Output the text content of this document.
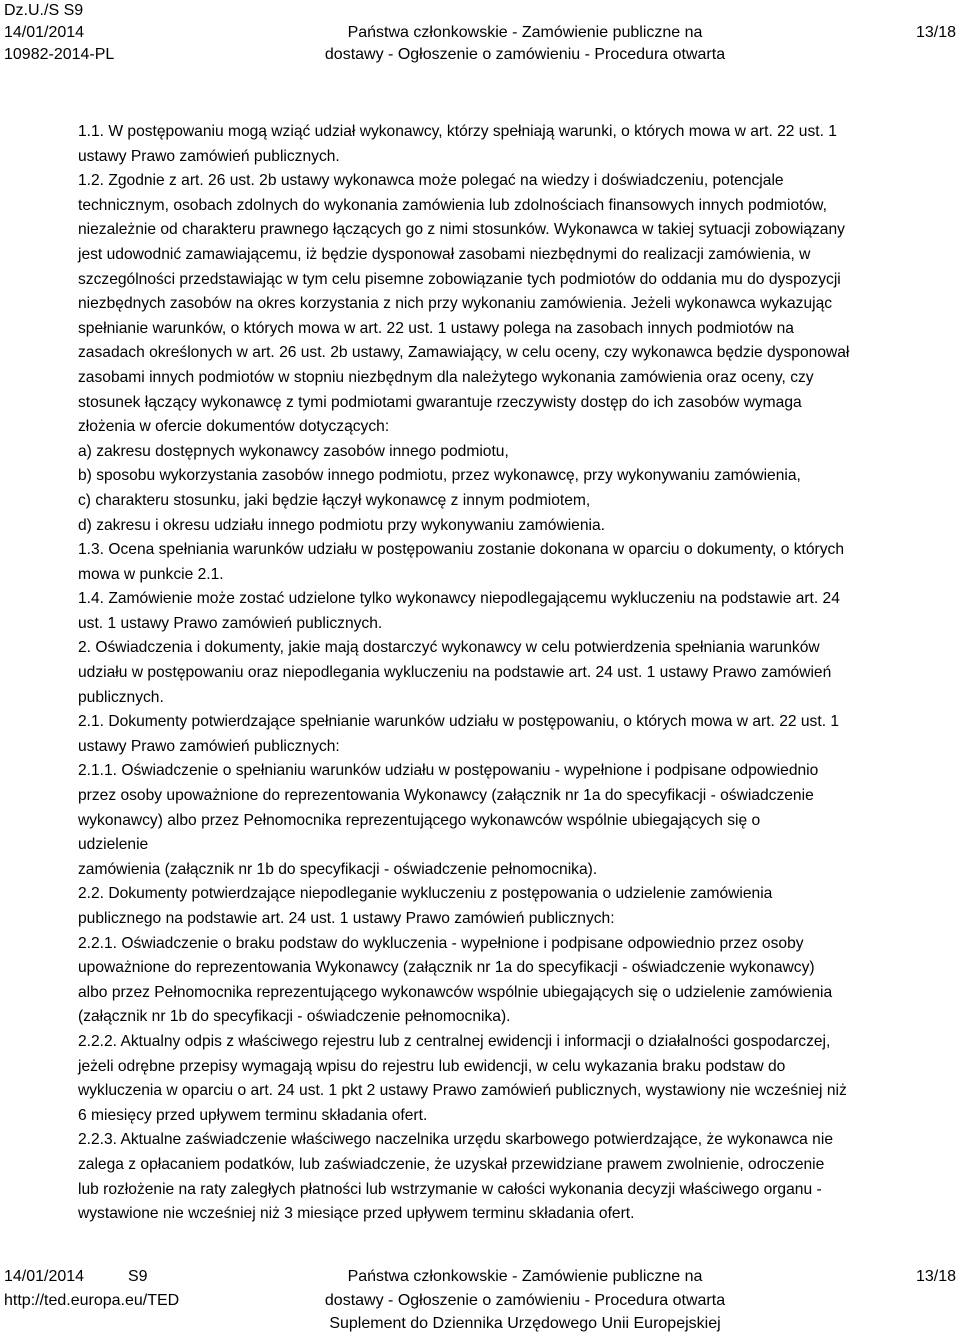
Dz.U./S S9
14/01/2014
10982-2014-PL
Państwa członkowskie - Zamówienie publiczne na
dostawy - Ogłoszenie o zamówieniu - Procedura otwarta
13/18

1.1. W postępowaniu mogą wziąć udział wykonawcy, którzy spełniają warunki, o których mowa w art. 22 ust. 1

ustawy Prawo zamówień publicznych.

1.2. Zgodnie z art. 26 ust. 2b ustawy wykonawca może polegać na wiedzy i doświadczeniu, potencjale

technicznym, osobach zdolnych do wykonania zamówienia lub zdolnościach finansowych innych podmiotów,

niezależnie od charakteru prawnego łączących go z nimi stosunków. Wykonawca w takiej sytuacji zobowiązany

jest udowodnić zamawiającemu, iż będzie dysponował zasobami niezbędnymi do realizacji zamówienia, w

szczególności przedstawiając w tym celu pisemne zobowiązanie tych podmiotów do oddania mu do dyspozycji

niezbędnych zasobów na okres korzystania z nich przy wykonaniu zamówienia. Jeżeli wykonawca wykazując

spełnianie warunków, o których mowa w art. 22 ust. 1 ustawy polega na zasobach innych podmiotów na

zasadach określonych w art. 26 ust. 2b ustawy, Zamawiający, w celu oceny, czy wykonawca będzie dysponował

zasobami innych podmiotów w stopniu niezbędnym dla należytego wykonania zamówienia oraz oceny, czy

stosunek łączący wykonawcę z tymi podmiotami gwarantuje rzeczywisty dostęp do ich zasobów wymaga

złożenia w ofercie dokumentów dotyczących:

a) zakresu dostępnych wykonawcy zasobów innego podmiotu,

b) sposobu wykorzystania zasobów innego podmiotu, przez wykonawcę, przy wykonywaniu zamówienia,

c) charakteru stosunku, jaki będzie łączył wykonawcę z innym podmiotem,

d) zakresu i okresu udziału innego podmiotu przy wykonywaniu zamówienia.

1.3. Ocena spełniania warunków udziału w postępowaniu zostanie dokonana w oparciu o dokumenty, o których

mowa w punkcie 2.1.

1.4. Zamówienie może zostać udzielone tylko wykonawcy niepodlegającemu wykluczeniu na podstawie art. 24

ust. 1 ustawy Prawo zamówień publicznych.

2. Oświadczenia i dokumenty, jakie mają dostarczyć wykonawcy w celu potwierdzenia spełniania warunków

udziału w postępowaniu oraz niepodlegania wykluczeniu na podstawie art. 24 ust. 1 ustawy Prawo zamówień

publicznych.

2.1. Dokumenty potwierdzające spełnianie warunków udziału w postępowaniu, o których mowa w art. 22 ust. 1

ustawy Prawo zamówień publicznych:

2.1.1. Oświadczenie o spełnianiu warunków udziału w postępowaniu - wypełnione i podpisane odpowiednio

przez osoby upoważnione do reprezentowania Wykonawcy (załącznik nr 1a do specyfikacji - oświadczenie

wykonawcy) albo przez Pełnomocnika reprezentującego wykonawców wspólnie ubiegających się o

udzielenie

zamówienia (załącznik nr 1b do specyfikacji - oświadczenie pełnomocnika).

2.2. Dokumenty potwierdzające niepodleganie wykluczeniu z postępowania o udzielenie zamówienia

publicznego na podstawie art. 24 ust. 1 ustawy Prawo zamówień publicznych:

2.2.1. Oświadczenie o braku podstaw do wykluczenia - wypełnione i podpisane odpowiednio przez osoby

upoważnione do reprezentowania Wykonawcy (załącznik nr 1a do specyfikacji - oświadczenie wykonawcy)

albo przez Pełnomocnika reprezentującego wykonawców wspólnie ubiegających się o udzielenie zamówienia

(załącznik nr 1b do specyfikacji - oświadczenie pełnomocnika).

2.2.2. Aktualny odpis z właściwego rejestru lub z centralnej ewidencji i informacji o działalności gospodarczej,

jeżeli odrębne przepisy wymagają wpisu do rejestru lub ewidencji, w celu wykazania braku podstaw do

wykluczenia w oparciu o art. 24 ust. 1 pkt 2 ustawy Prawo zamówień publicznych, wystawiony nie wcześniej niż

6 miesięcy przed upływem terminu składania ofert.

2.2.3. Aktualne zaświadczenie właściwego naczelnika urzędu skarbowego potwierdzające, że wykonawca nie

zalega z opłacaniem podatków, lub zaświadczenie, że uzyskał przewidziane prawem zwolnienie, odroczenie

lub rozłożenie na raty zaległych płatności lub wstrzymanie w całości wykonania decyzji właściwego organu -

wystawione nie wcześniej niż 3 miesiące przed upływem terminu składania ofert.

14/01/2014	S9
http://ted.europa.eu/TED
Państwa członkowskie - Zamówienie publiczne na
dostawy - Ogłoszenie o zamówieniu - Procedura otwarta
Suplement do Dziennika Urzędowego Unii Europejskiej
13/18
